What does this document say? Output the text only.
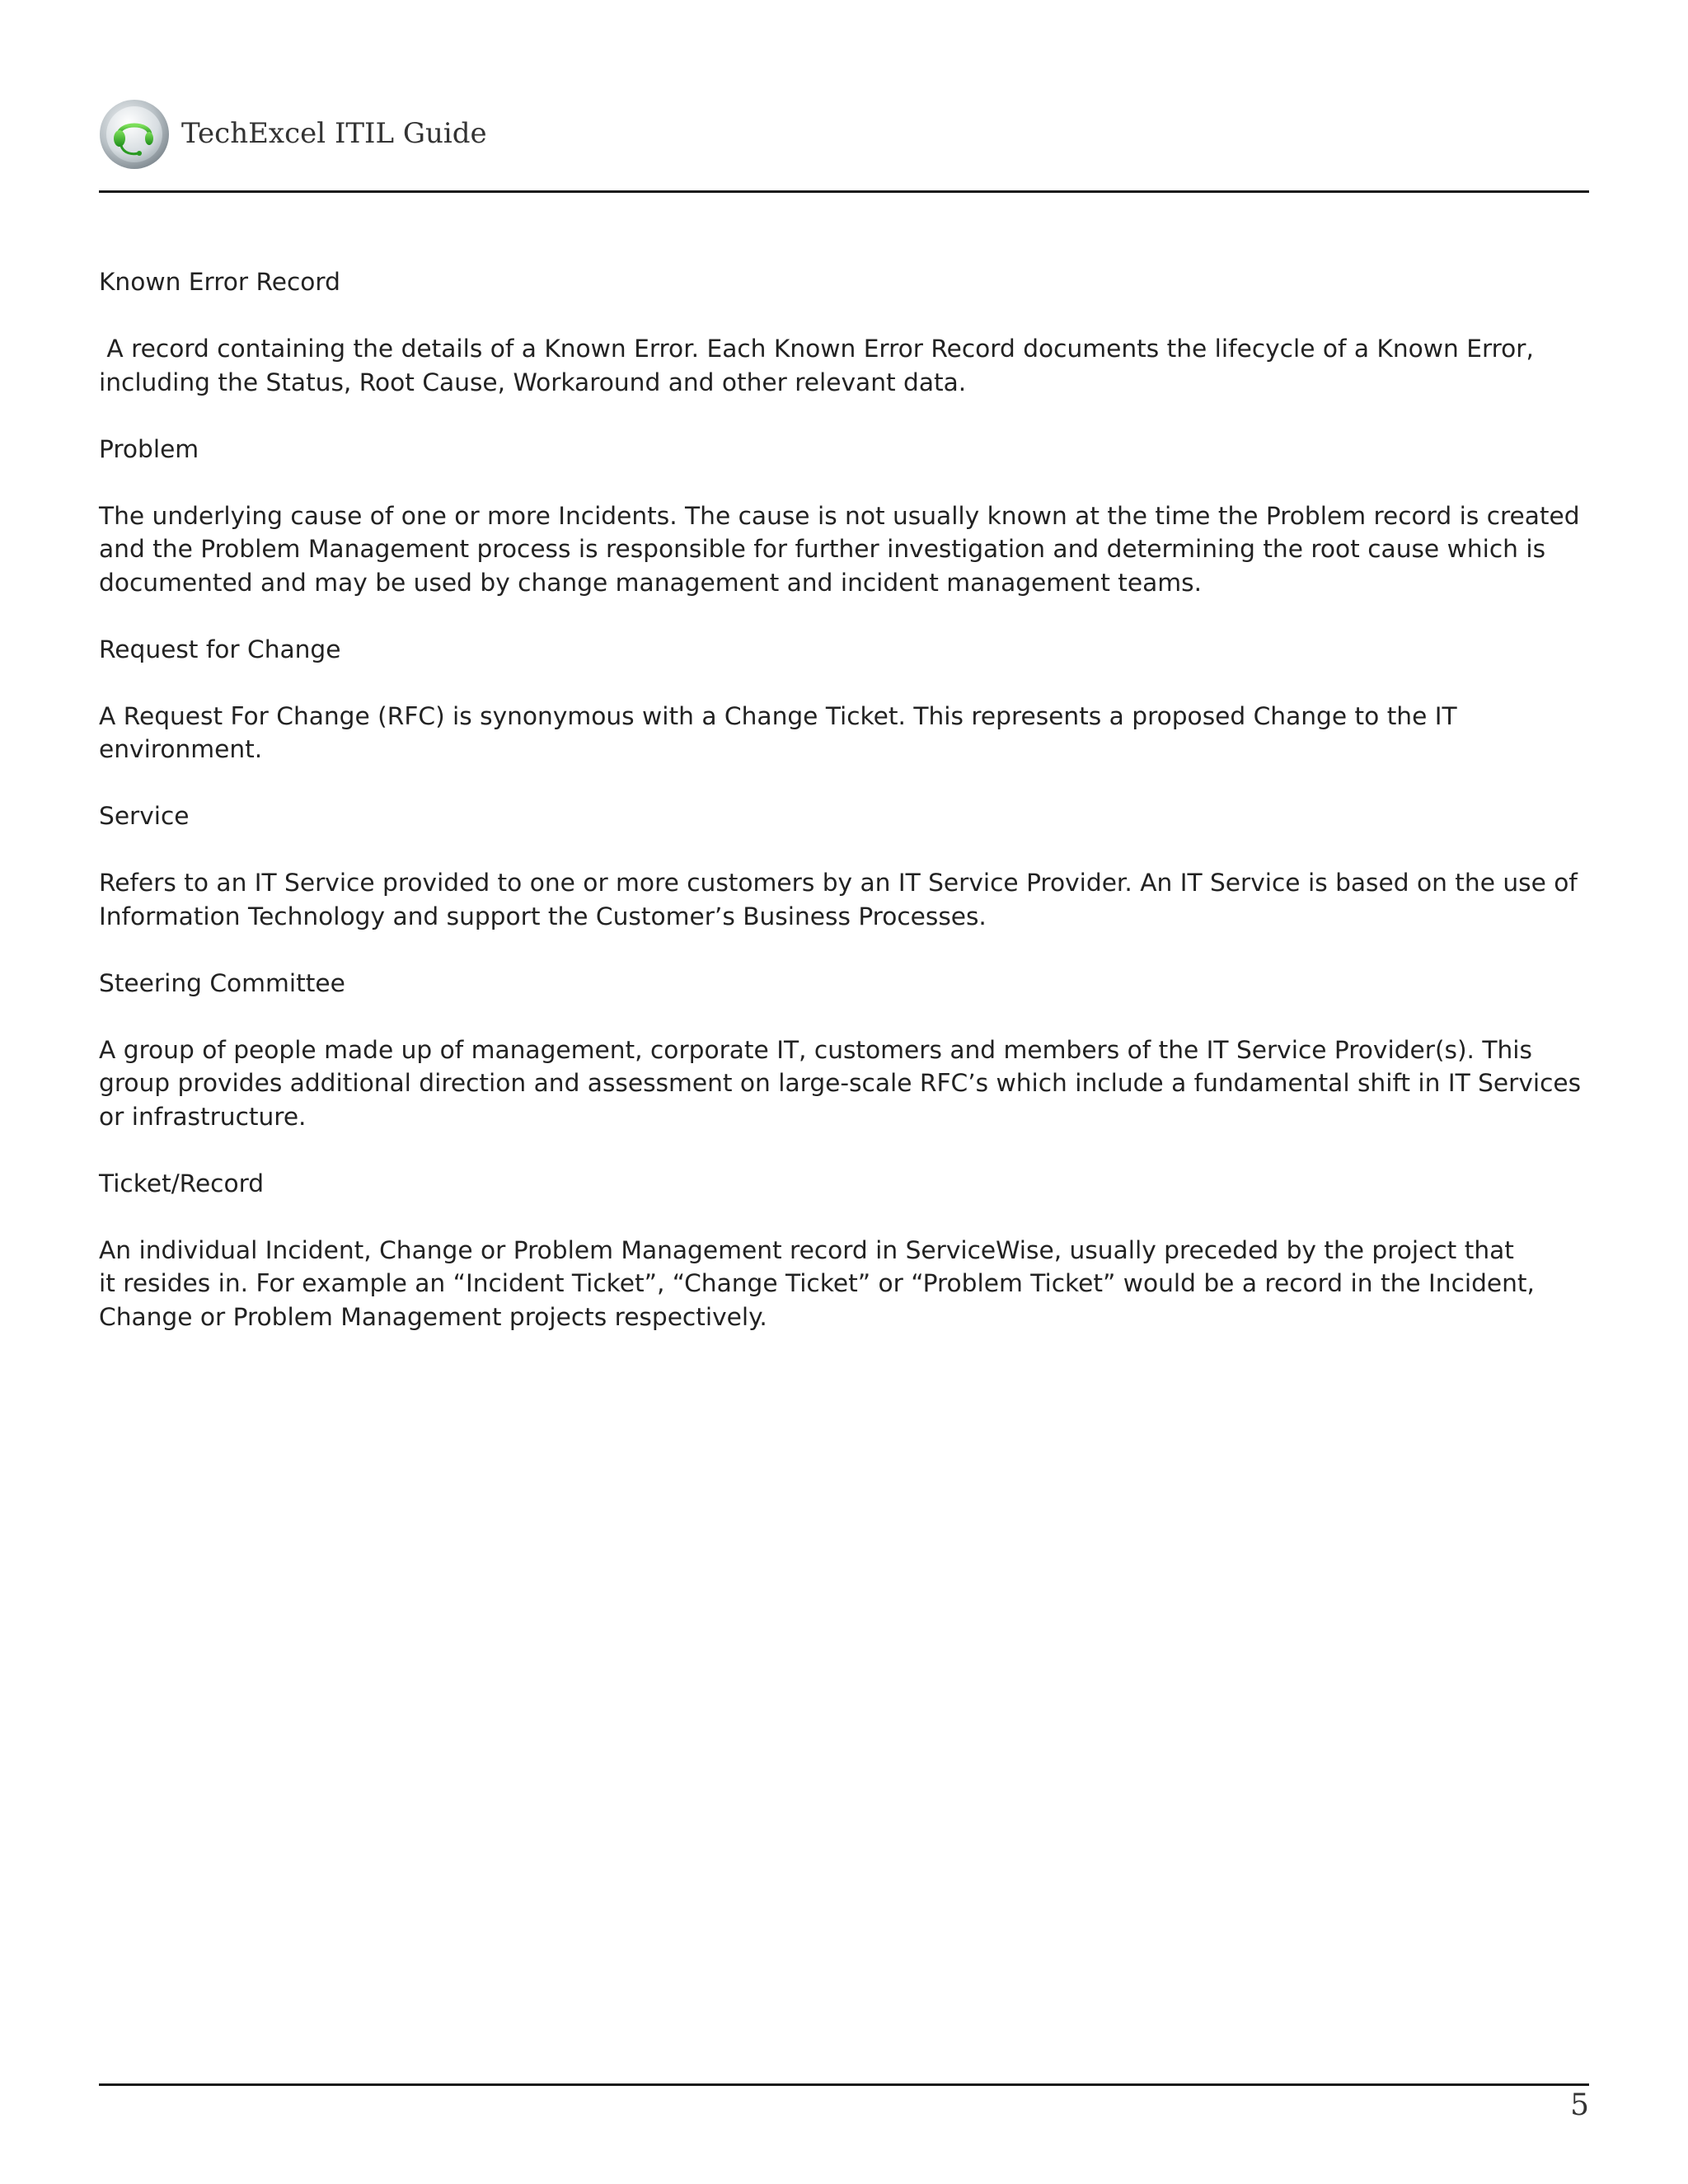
TechExcel ITIL Guide
Known Error Record
A record containing the details of a Known Error. Each Known Error Record documents the lifecycle of a Known Error,
including the Status, Root Cause, Workaround and other relevant data.
Problem
The underlying cause of one or more Incidents. The cause is not usually known at the time the Problem record is created
and the Problem Management process is responsible for further investigation and determining the root cause which is
documented and may be used by change management and incident management teams.
Request for Change
A Request For Change (RFC) is synonymous with a Change Ticket. This represents a proposed Change to the IT
environment.
Service
Refers to an IT Service provided to one or more customers by an IT Service Provider. An IT Service is based on the use of
Information Technology and support the Customer’s Business Processes.
Steering Committee
A group of people made up of management, corporate IT, customers and members of the IT Service Provider(s). This
group provides additional direction and assessment on large-scale RFC’s which include a fundamental shift in IT Services
or infrastructure.
Ticket/Record
An individual Incident, Change or Problem Management record in ServiceWise, usually preceded by the project that
it resides in. For example an “Incident Ticket”, “Change Ticket” or “Problem Ticket” would be a record in the Incident,
Change or Problem Management projects respectively.
5
